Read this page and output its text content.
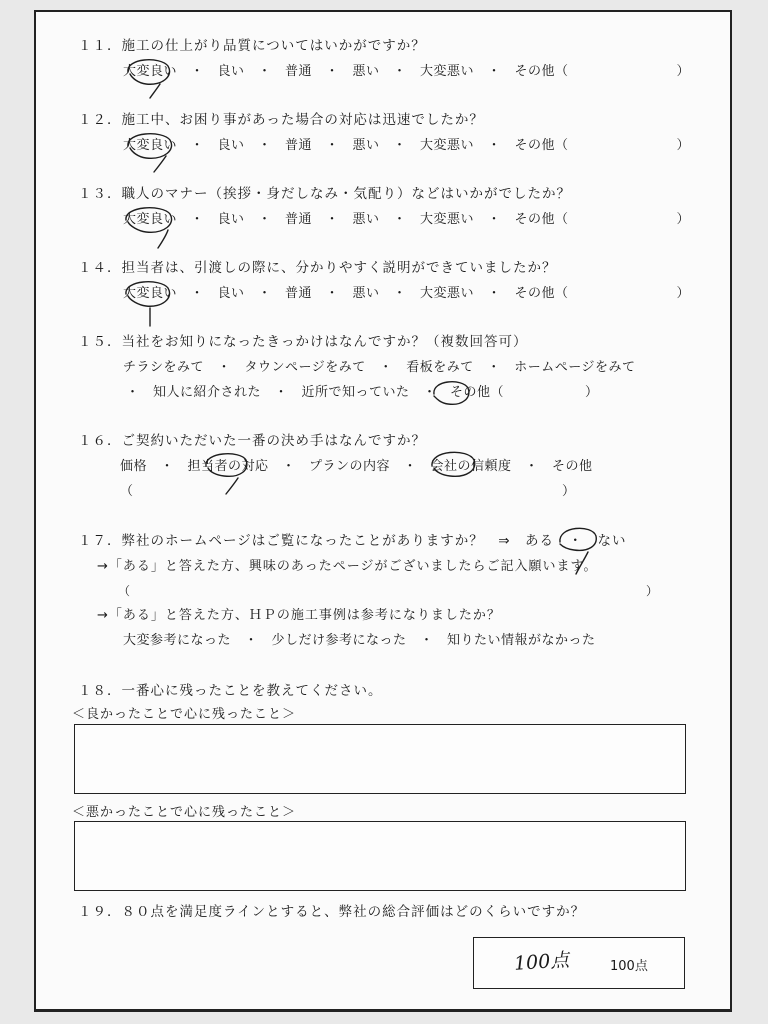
１１．施工の仕上がり品質についてはいかがですか？
大変良い　・　良い　・　普通　・　悪い　・　大変悪い　・　その他（　　　　　　　　）
１２．施工中、お困り事があった場合の対応は迅速でしたか？
大変良い　・　良い　・　普通　・　悪い　・　大変悪い　・　その他（　　　　　　　　）
１３．職人のマナー（挨拶・身だしなみ・気配り）などはいかがでしたか？
大変良い　・　良い　・　普通　・　悪い　・　大変悪い　・　その他（　　　　　　　　）
１４．担当者は、引渡しの際に、分かりやすく説明ができていましたか？
大変良い　・　良い　・　普通　・　悪い　・　大変悪い　・　その他（　　　　　　　　）
１５．当社をお知りになったきっかけはなんですか？（複数回答可）
チラシをみて　・　タウンページをみて　・　看板をみて　・　ホームページをみて
・　知人に紹介された　・　近所で知っていた　・　その他（　　　　　　）
１６．ご契約いただいた一番の決め手はなんですか？
価格　・　担当者の対応　・　プランの内容　・　会社の信頼度　・　その他
（　　　　　　　　　　　　　　　　　　　　　　　　　　　　　　　　　）
１７．弊社のホームページはご覧になったことがありますか？　⇒　ある　・　ない
→「ある」と答えた方、興味のあったページがございましたらご記入願います。
（　　　　　　　　　　　　　　　　　　　　　　　　　　　　　　　　　　　　　　　　　　　）
→「ある」と答えた方、ＨＰの施工事例は参考になりましたか？
大変参考になった　・　少しだけ参考になった　・　知りたい情報がなかった
１８．一番心に残ったことを教えてください。
＜良かったことで心に残ったこと＞
＜悪かったことで心に残ったこと＞
１９．８０点を満足度ラインとすると、弊社の総合評価はどのくらいですか？
100点	100点
